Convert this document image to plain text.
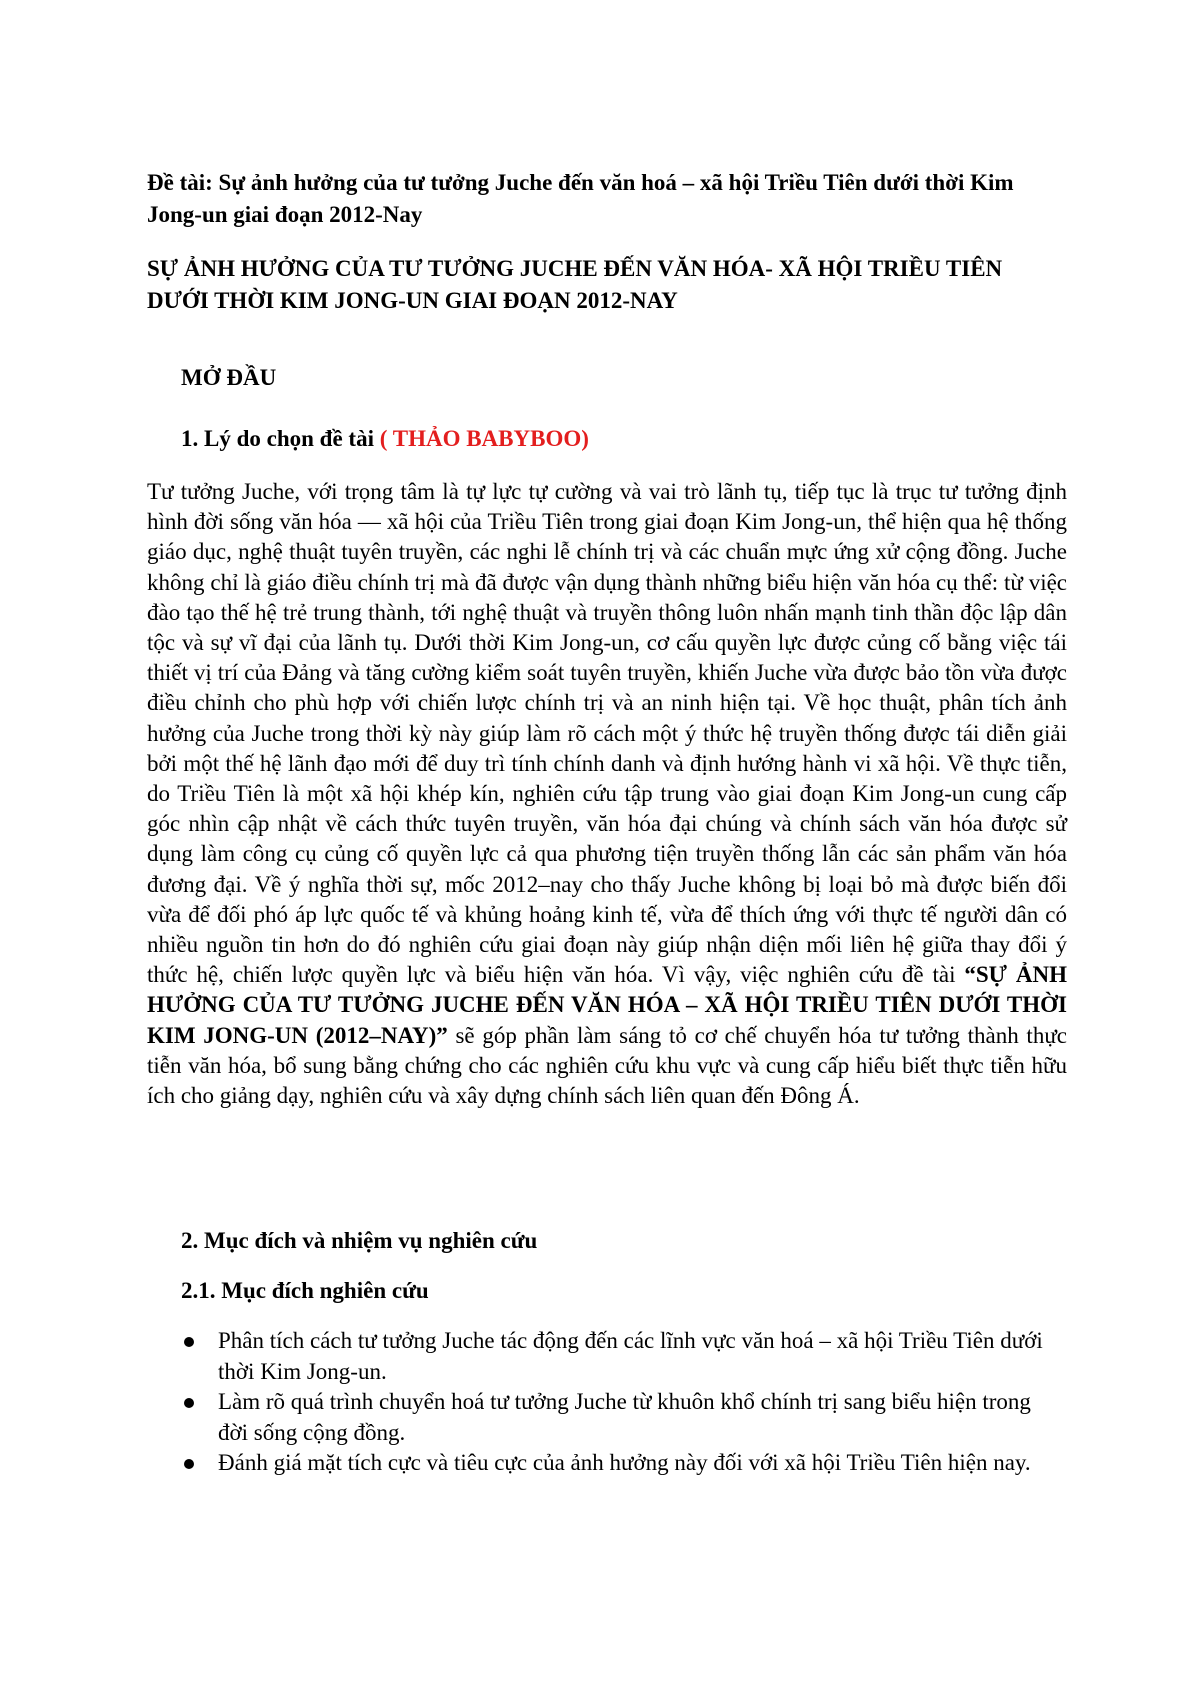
Đề tài: Sự ảnh hưởng của tư tưởng Juche đến văn hoá – xã hội Triều Tiên dưới thời Kim Jong-un giai đoạn 2012-Nay

SỰ ẢNH HƯỞNG CỦA TƯ TƯỞNG JUCHE ĐẾN VĂN HÓA- XÃ HỘI TRIỀU TIÊN DƯỚI THỜI KIM JONG-UN GIAI ĐOẠN 2012-NAY

MỞ ĐẦU

1. Lý do chọn đề tài ( THẢO BABYBOO)

Tư tưởng Juche, với trọng tâm là tự lực tự cường và vai trò lãnh tụ, tiếp tục là trục tư tưởng định hình đời sống văn hóa — xã hội của Triều Tiên trong giai đoạn Kim Jong-un, thể hiện qua hệ thống giáo dục, nghệ thuật tuyên truyền, các nghi lễ chính trị và các chuẩn mực ứng xử cộng đồng. Juche không chỉ là giáo điều chính trị mà đã được vận dụng thành những biểu hiện văn hóa cụ thể: từ việc đào tạo thế hệ trẻ trung thành, tới nghệ thuật và truyền thông luôn nhấn mạnh tinh thần độc lập dân tộc và sự vĩ đại của lãnh tụ. Dưới thời Kim Jong-un, cơ cấu quyền lực được củng cố bằng việc tái thiết vị trí của Đảng và tăng cường kiểm soát tuyên truyền, khiến Juche vừa được bảo tồn vừa được điều chỉnh cho phù hợp với chiến lược chính trị và an ninh hiện tại. Về học thuật, phân tích ảnh hưởng của Juche trong thời kỳ này giúp làm rõ cách một ý thức hệ truyền thống được tái diễn giải bởi một thế hệ lãnh đạo mới để duy trì tính chính danh và định hướng hành vi xã hội. Về thực tiễn, do Triều Tiên là một xã hội khép kín, nghiên cứu tập trung vào giai đoạn Kim Jong-un cung cấp góc nhìn cập nhật về cách thức tuyên truyền, văn hóa đại chúng và chính sách văn hóa được sử dụng làm công cụ củng cố quyền lực cả qua phương tiện truyền thống lẫn các sản phẩm văn hóa đương đại. Về ý nghĩa thời sự, mốc 2012–nay cho thấy Juche không bị loại bỏ mà được biến đổi vừa để đối phó áp lực quốc tế và khủng hoảng kinh tế, vừa để thích ứng với thực tế người dân có nhiều nguồn tin hơn do đó nghiên cứu giai đoạn này giúp nhận diện mối liên hệ giữa thay đổi ý thức hệ, chiến lược quyền lực và biểu hiện văn hóa. Vì vậy, việc nghiên cứu đề tài “SỰ ẢNH HƯỞNG CỦA TƯ TƯỞNG JUCHE ĐẾN VĂN HÓA – XÃ HỘI TRIỀU TIÊN DƯỚI THỜI KIM JONG-UN (2012–NAY)” sẽ góp phần làm sáng tỏ cơ chế chuyển hóa tư tưởng thành thực tiễn văn hóa, bổ sung bằng chứng cho các nghiên cứu khu vực và cung cấp hiểu biết thực tiễn hữu ích cho giảng dạy, nghiên cứu và xây dựng chính sách liên quan đến Đông Á.

2. Mục đích và nhiệm vụ nghiên cứu

2.1. Mục đích nghiên cứu

Phân tích cách tư tưởng Juche tác động đến các lĩnh vực văn hoá – xã hội Triều Tiên dưới thời Kim Jong-un.
Làm rõ quá trình chuyển hoá tư tưởng Juche từ khuôn khổ chính trị sang biểu hiện trong đời sống cộng đồng.
Đánh giá mặt tích cực và tiêu cực của ảnh hưởng này đối với xã hội Triều Tiên hiện nay.
